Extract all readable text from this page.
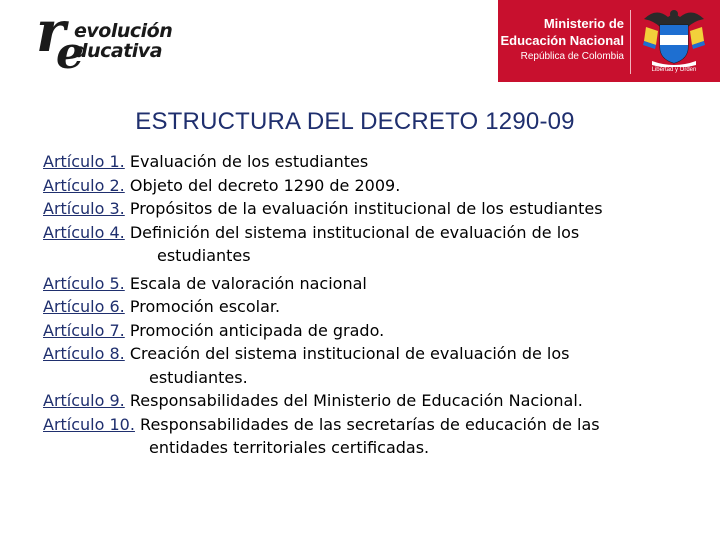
r
e
evolución
ducativa
Ministerio de
Educación Nacional
República de Colombia
Libertad y Orden
ESTRUCTURA DEL DECRETO 1290-09
Artículo 1. Evaluación de los estudiantes
Artículo 2. Objeto del decreto 1290 de 2009.
Artículo 3. Propósitos de la evaluación institucional de los estudiantes
Artículo 4. Definición del sistema institucional de evaluación de los
estudiantes
Artículo 5. Escala de valoración nacional
Artículo 6. Promoción escolar.
Artículo 7. Promoción anticipada de grado.
Artículo 8. Creación del sistema institucional de evaluación de los
estudiantes.
Artículo 9. Responsabilidades del Ministerio de Educación Nacional.
Artículo 10. Responsabilidades de las secretarías de educación de las
entidades territoriales certificadas.
